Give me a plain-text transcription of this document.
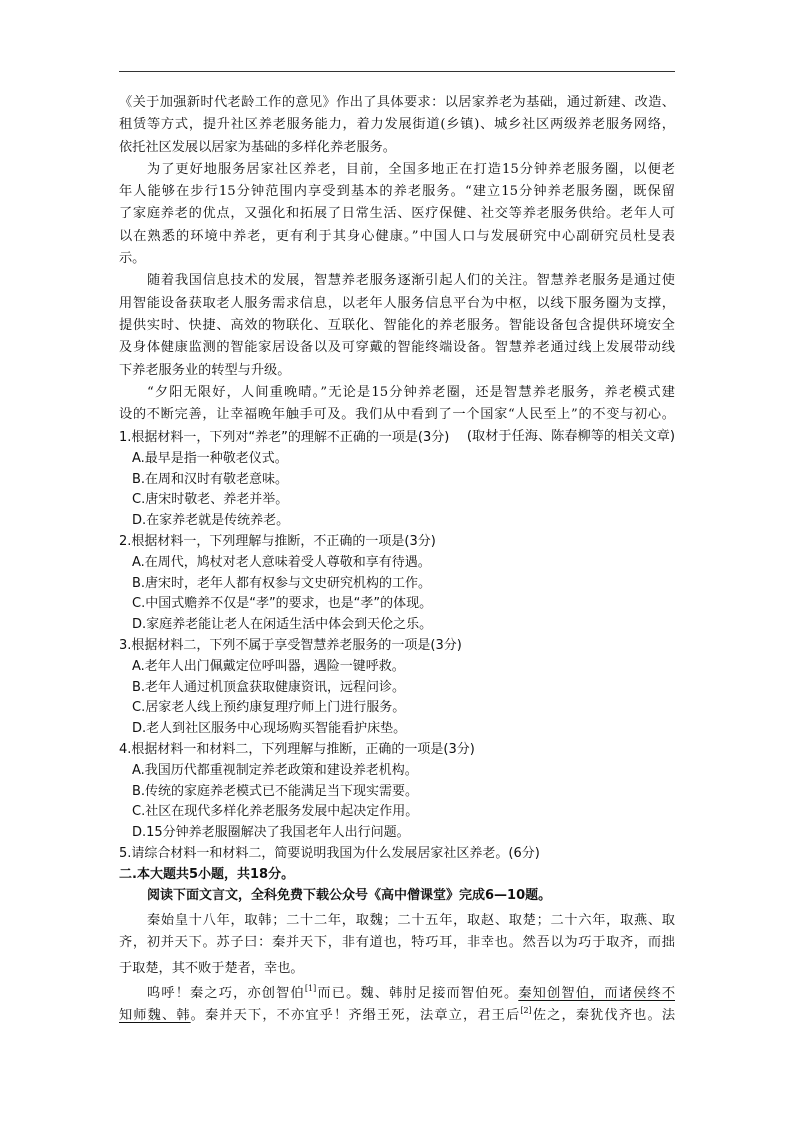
《关于加强新时代老龄工作的意见》作出了具体要求：以居家养老为基础，通过新建、改造、
租赁等方式，提升社区养老服务能力，着力发展街道(乡镇)、城乡社区两级养老服务网络，
依托社区发展以居家为基础的多样化养老服务。
为了更好地服务居家社区养老，目前，全国多地正在打造15分钟养老服务圈，以便老
年人能够在步行15分钟范围内享受到基本的养老服务。“建立15分钟养老服务圈，既保留
了家庭养老的优点，又强化和拓展了日常生活、医疗保健、社交等养老服务供给。老年人可
以在熟悉的环境中养老，更有利于其身心健康。”中国人口与发展研究中心副研究员杜旻表
示。
随着我国信息技术的发展，智慧养老服务逐渐引起人们的关注。智慧养老服务是通过使
用智能设备获取老人服务需求信息，以老年人服务信息平台为中枢，以线下服务圈为支撑，
提供实时、快捷、高效的物联化、互联化、智能化的养老服务。智能设备包含提供环境安全
及身体健康监测的智能家居设备以及可穿戴的智能终端设备。智慧养老通过线上发展带动线
下养老服务业的转型与升级。
“夕阳无限好，人间重晚晴。”无论是15分钟养老圈，还是智慧养老服务，养老模式建
设的不断完善，让幸福晚年触手可及。我们从中看到了一个国家“人民至上”的不变与初心。
(取材于任海、陈春柳等的相关文章)
1.根据材料一，下列对“养老”的理解不正确的一项是(3分)
A.最早是指一种敬老仪式。
B.在周和汉时有敬老意味。
C.唐宋时敬老、养老并举。
D.在家养老就是传统养老。
2.根据材料一，下列理解与推断，不正确的一项是(3分)
A.在周代，鸠杖对老人意味着受人尊敬和享有待遇。
B.唐宋时，老年人都有权参与文史研究机构的工作。
C.中国式赡养不仅是“孝”的要求，也是“孝”的体现。
D.家庭养老能让老人在闲适生活中体会到天伦之乐。
3.根据材料二，下列不属于享受智慧养老服务的一项是(3分)
A.老年人出门佩戴定位呼叫器，遇险一键呼救。
B.老年人通过机顶盒获取健康资讯，远程问诊。
C.居家老人线上预约康复理疗师上门进行服务。
D.老人到社区服务中心现场购买智能看护床垫。
4.根据材料一和材料二，下列理解与推断，正确的一项是(3分)
A.我国历代都重视制定养老政策和建设养老机构。
B.传统的家庭养老模式已不能满足当下现实需要。
C.社区在现代多样化养老服务发展中起决定作用。
D.15分钟养老服圈解决了我国老年人出行问题。
5.请综合材料一和材料二，简要说明我国为什么发展居家社区养老。(6分)
二.本大题共5小题，共18分。
阅读下面文言文，全科免费下载公众号《高中僧课堂》完成6—10题。
秦始皇十八年，取韩；二十二年，取魏；二十五年，取赵、取楚；二十六年，取燕、取
齐，初并天下。苏子曰：秦并天下，非有道也，特巧耳，非幸也。然吾以为巧于取齐，而拙
于取楚，其不败于楚者，幸也。
呜呼！秦之巧，亦创智伯[1]而已。魏、韩肘足接而智伯死。秦知创智伯，而诸侯终不
知师魏、韩。秦并天下，不亦宜乎！齐缗王死，法章立，君王后[2]佐之，秦犹伐齐也。法
